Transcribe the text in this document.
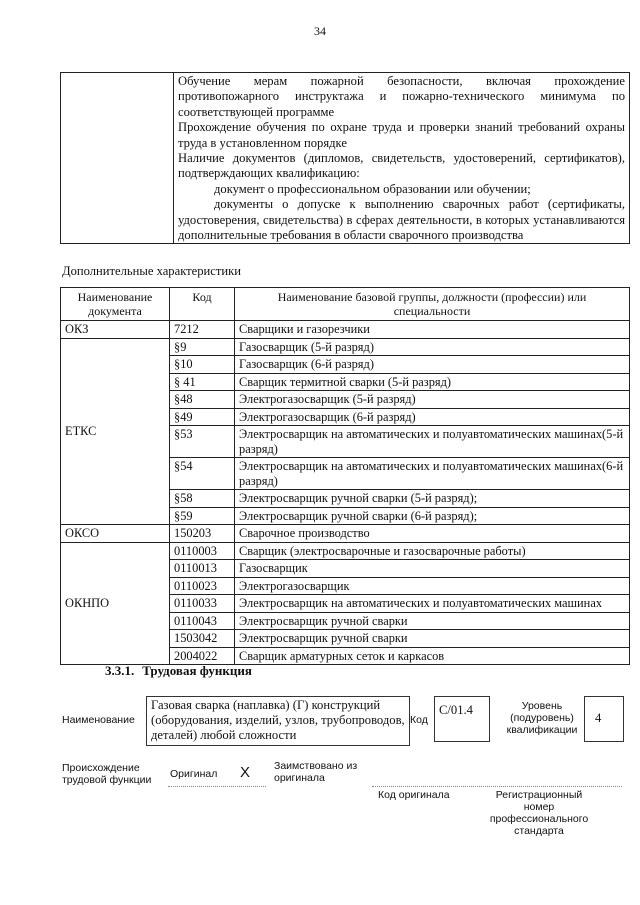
34

Обучение мерам пожарной безопасности, включая прохождение противопожарного инструктажа и пожарно-технического минимума по соответствующей программе

Прохождение обучения по охране труда и проверки знаний требований охраны труда в установленном порядке

Наличие документов (дипломов, свидетельств, удостоверений, сертификатов), подтверждающих квалификацию:

документ о профессиональном образовании или обучении;

документы о допуске к выполнению сварочных работ (сертификаты, удостоверения, свидетельства) в сферах деятельности, в которых устанавливаются дополнительные требования в области сварочного производства

Дополнительные характеристики
Наименование документа	Код	Наименование базовой группы, должности (профессии) или специальности
ОКЗ	7212	Сварщики и газорезчики
ЕТКС	§9	Газосварщик (5-й разряд)
	§10	Газосварщик (6-й разряд)
	§ 41	Сварщик термитной сварки (5-й разряд)
	§48	Электрогазосварщик (5-й разряд)
	§49	Электрогазосварщик (6-й разряд)
	§53	Электросварщик на автоматических и полуавтоматических машинах(5-й разряд)
	§54	Электросварщик на автоматических и полуавтоматических машинах(6-й разряд)
	§58	Электросварщик ручной сварки (5-й разряд);
	§59	Электросварщик ручной сварки (6-й разряд);
ОКСО	150203	Сварочное производство
ОКНПО	0110003	Сварщик (электросварочные и газосварочные работы)
	0110013	Газосварщик
	0110023	Электрогазосварщик
	0110033	Электросварщик на автоматических и полуавтоматических машинах
	0110043	Электросварщик ручной сварки
	1503042	Электросварщик ручной сварки
	2004022	Сварщик арматурных сеток и каркасов
3.3.1. Трудовая функция
Наименование
Газовая сварка (наплавка) (Г) конструкций (оборудования, изделий, узлов, трубопроводов, деталей) любой сложности
Код
С/01.4	Уровень (подуровень) квалификации
4
Происхождение трудовой функции Оригинал X Заимствовано из оригинала
Код оригинала	Регистрационный номер профессионального стандарта
